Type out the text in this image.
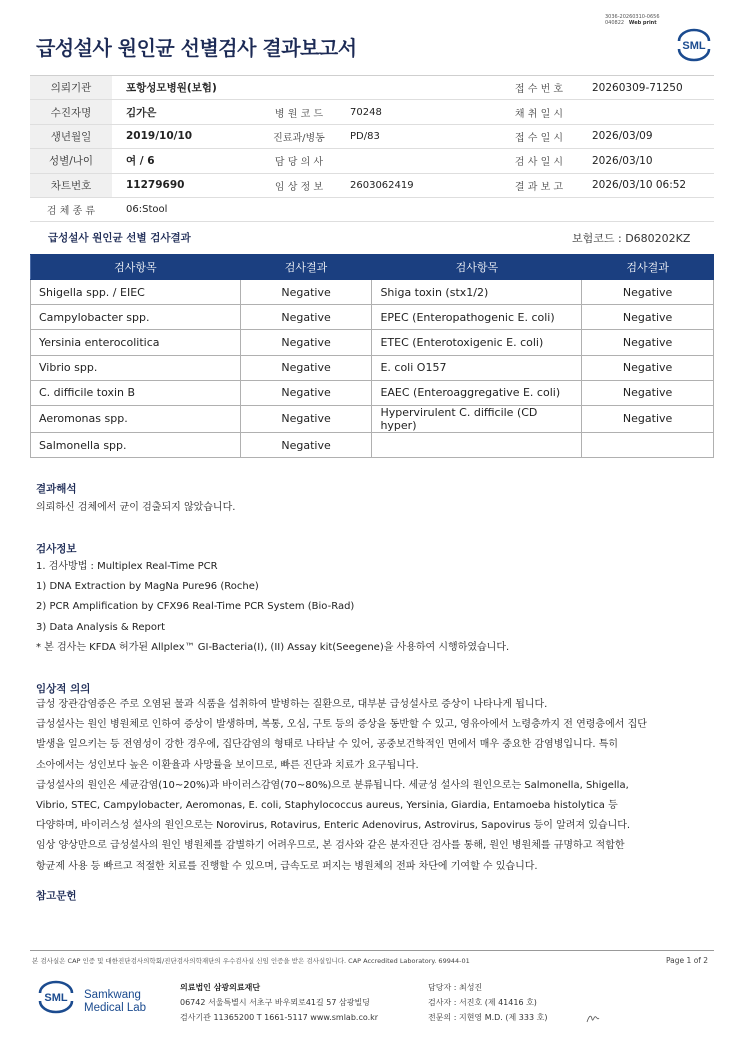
3036-20260310-0656
040822 Web print
급성설사 원인균 선별검사 결과보고서	SML
의뢰기관	포항성모병원(보험)			접 수 번 호	20260309-71250
수진자명	김가은	병 원 코 드	70248	채 취 일 시	
생년월일	2019/10/10	진료과/병동	PD/83	접 수 일 시	2026/03/09
성별/나이	여 / 6	담 당 의 사		검 사 일 시	2026/03/10
차트번호	11279690	임 상 정 보	2603062419	결 과 보 고	2026/03/10 06:52
검 체 종 류	06:Stool				
급성설사 원인균 선별 검사결과	보험코드 : D680202KZ
검사항목	검사결과	검사항목	검사결과
Shigella spp. / EIEC	Negative	Shiga toxin (stx1/2)	Negative
Campylobacter spp.	Negative	EPEC (Enteropathogenic E. coli)	Negative
Yersinia enterocolitica	Negative	ETEC (Enterotoxigenic E. coli)	Negative
Vibrio spp.	Negative	E. coli O157	Negative
C. difficile toxin B	Negative	EAEC (Enteroaggregative E. coli)	Negative
Aeromonas spp.	Negative	Hypervirulent C. difficile (CD hyper)	Negative
Salmonella spp.	Negative		
결과해석
의뢰하신 검체에서 균이 검출되지 않았습니다.
검사정보
1. 검사방법 : Multiplex Real-Time PCR
1) DNA Extraction by MagNa Pure96 (Roche)
2) PCR Amplification by CFX96 Real-Time PCR System (Bio-Rad)
3) Data Analysis & Report
* 본 검사는 KFDA 허가된 Allplex™ GI-Bacteria(I), (II) Assay kit(Seegene)을 사용하여 시행하였습니다.
임상적 의의
급성 장관감염증은 주로 오염된 물과 식품을 섭취하여 발병하는 질환으로, 대부분 급성설사로 증상이 나타나게 됩니다.
급성설사는 원인 병원체로 인하여 증상이 발생하며, 복통, 오심, 구토 등의 증상을 동반할 수 있고, 영유아에서 노령층까지 전 연령층에서 집단
발생을 일으키는 등 전염성이 강한 경우에, 집단감염의 형태로 나타날 수 있어, 공중보건학적인 면에서 매우 중요한 감염병입니다. 특히
소아에서는 성인보다 높은 이환율과 사망률을 보이므로, 빠른 진단과 치료가 요구됩니다.
급성설사의 원인은 세균감염(10~20%)과 바이러스감염(70~80%)으로 분류됩니다. 세균성 설사의 원인으로는 Salmonella, Shigella,
Vibrio, STEC, Campylobacter, Aeromonas, E. coli, Staphylococcus aureus, Yersinia, Giardia, Entamoeba histolytica 등
다양하며, 바이러스성 설사의 원인으로는 Norovirus, Rotavirus, Enteric Adenovirus, Astrovirus, Sapovirus 등이 알려져 있습니다.
임상 양상만으로 급성설사의 원인 병원체를 감별하기 어려우므로, 본 검사와 같은 분자진단 검사를 통해, 원인 병원체를 규명하고 적합한
항균제 사용 등 빠르고 적절한 치료를 진행할 수 있으며, 급속도로 퍼지는 병원체의 전파 차단에 기여할 수 있습니다.
참고문헌
본 검사실은 CAP 인증 및 대한진단검사의학회/진단검사의학재단의 우수검사실 신임 인증을 받은 검사실입니다. CAP Accredited Laboratory. 69944-01	Page 1 of 2
SML Samkwang
Medical Lab
의료법인 삼광의료재단
06742 서울특별시 서초구 바우뫼로41길 57 삼광빌딩
검사기관 11365200 T 1661-5117 www.smlab.co.kr
담당자 : 최성진
검사자 : 서진호 (제 41416 호)
전문의 : 지현영 M.D. (제 333 호)
